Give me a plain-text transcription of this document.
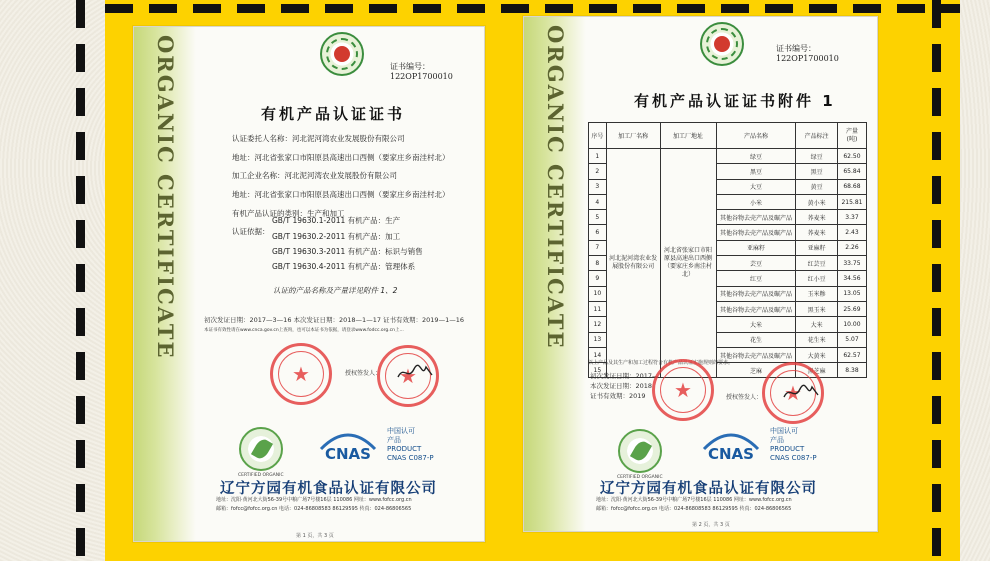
ORGANIC CERTIFICATE	证书编号：122OP1700010
有机产品认证证书
认证委托人名称：河北泥河湾农业发展股份有限公司
地址：河北省张家口市阳原县高速出口西侧（要家庄乡南洼村北）
加工企业名称：河北泥河湾农业发展股份有限公司
地址：河北省张家口市阳原县高速出口西侧（要家庄乡南洼村北）
有机产品认证的类别：生产和加工
认证依据：
GB/T 19630.1-2011 有机产品：生产
GB/T 19630.2-2011 有机产品：加工
GB/T 19630.3-2011 有机产品：标识与销售
GB/T 19630.4-2011 有机产品：管理体系
认证的产品名称及产量详见附件 1、2
初次发证日期：2017—3—16 本次发证日期：2018—1—17 证书有效期：2019—1—16
本证书有效性请在www.cnca.gov.cn上查询，也可以本证书为依据，请登录www.fodcc.org.cn上...
★	授权签发人： ★
CERTIFIED ORGANIC
CNAS
中国认可
产品
PRODUCT
CNAS C087-P
辽宁方园有机食品认证有限公司
地址：沈阳·黄河北大街56-39号中粮广场7号楼16层 110086 网址：www.fofcc.org.cn
邮箱：fofcc@fofcc.org.cn 电话：024-86808583 86129595 传真：024-86806565
第 1 页，共 3 页
ORGANIC CERTIFICATE	证书编号：122OP1700010
有机产品认证证书附件 1
序号	加工厂名称	加工厂地址	产品名称	产品标注	产量
(吨)
1	河北泥河湾农业发展股份有限公司	河北省张家口市阳原县高速出口西侧（要家庄乡南洼村北）	绿豆	绿豆	62.50
2			黑豆	黑豆	65.84
3			大豆	黄豆	68.68
4			小米	黄小米	215.81
5			其他谷物去壳产品及碾产品	荞麦米	3.37
6			其他谷物去壳产品及碾产品	荞麦米	2.43
7			亚麻籽	亚麻籽	2.26
8			芸豆	红芸豆	33.75
9			红豆	红小豆	34.56
10			其他谷物去壳产品及碾产品	玉米糁	13.05
11			其他谷物去壳产品及碾产品	黑玉米	25.69
12			大米	大米	10.00
13			花生	花生米	5.07
14			其他谷物去壳产品及碾产品	大黄米	62.57
15			芝麻	黑芝麻	8.38
以上产品及其生产和加工过程符合有机产品认证实施规则的要求。
初次发证日期：2017—
本次发证日期：2018
证书有效期：2019 ★	授权签发人： ★
CERTIFIED ORGANIC
CNAS
中国认可
产品
PRODUCT
CNAS C087-P
辽宁方园有机食品认证有限公司
地址：沈阳·黄河北大街56-39号中粮广场7号楼16层 110086 网址：www.fofcc.org.cn
邮箱：fofcc@fofcc.org.cn 电话：024-86808583 86129595 传真：024-86806565
第 2 页，共 3 页
